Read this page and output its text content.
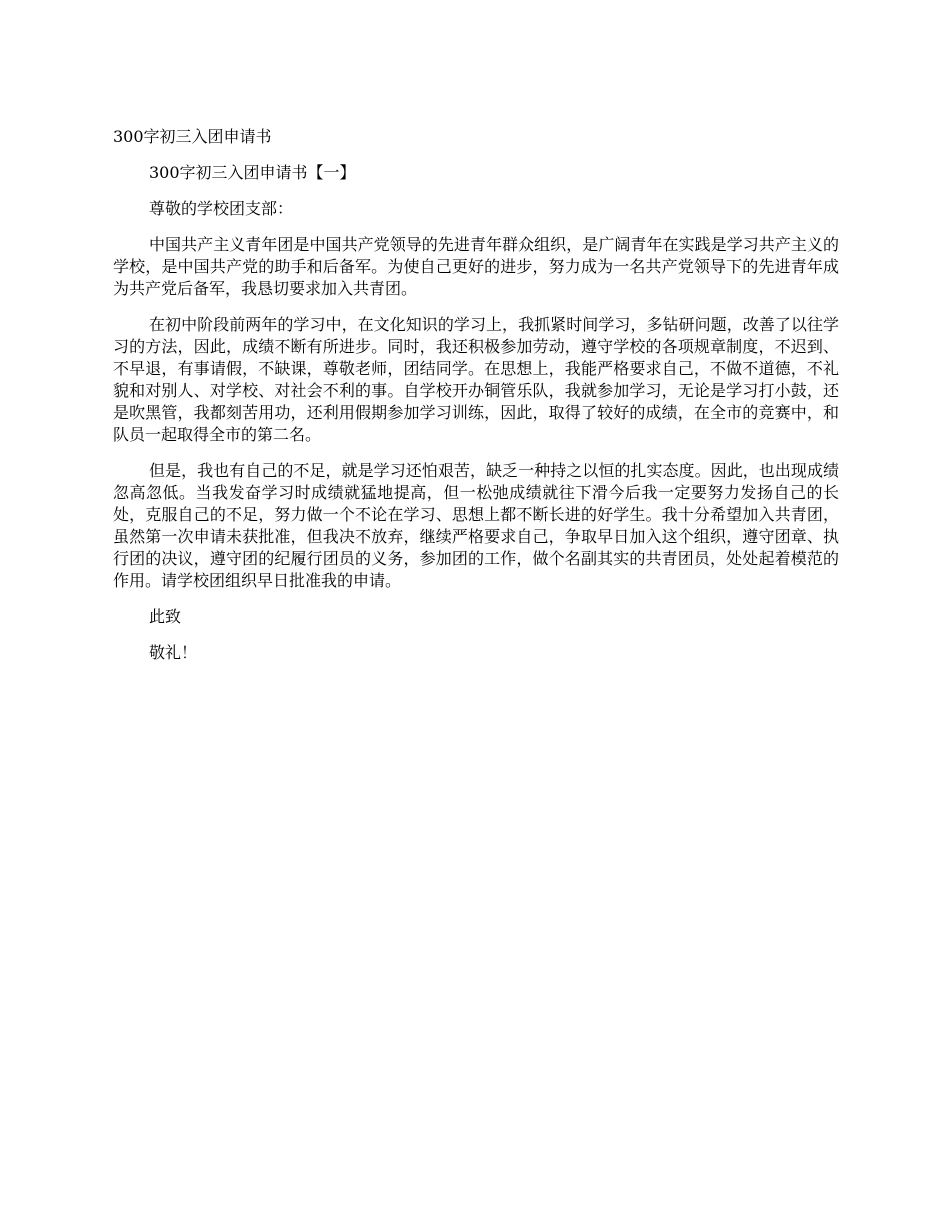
300字初三入团申请书

300字初三入团申请书【一】

尊敬的学校团支部：

中国共产主义青年团是中国共产党领导的先进青年群众组织，是广阔青年在实践是学习共产主义的学校，是中国共产党的助手和后备军。为使自己更好的进步，努力成为一名共产党领导下的先进青年成为共产党后备军，我恳切要求加入共青团。

在初中阶段前两年的学习中，在文化知识的学习上，我抓紧时间学习，多钻研问题，改善了以往学习的方法，因此，成绩不断有所进步。同时，我还积极参加劳动，遵守学校的各项规章制度，不迟到、不早退，有事请假，不缺课，尊敬老师，团结同学。在思想上，我能严格要求自己，不做不道德，不礼貌和对别人、对学校、对社会不利的事。自学校开办铜管乐队，我就参加学习，无论是学习打小鼓，还是吹黑管，我都刻苦用功，还利用假期参加学习训练，因此，取得了较好的成绩，在全市的竞赛中，和队员一起取得全市的第二名。

但是，我也有自己的不足，就是学习还怕艰苦，缺乏一种持之以恒的扎实态度。因此，也出现成绩忽高忽低。当我发奋学习时成绩就猛地提高，但一松弛成绩就往下滑今后我一定要努力发扬自己的长处，克服自己的不足，努力做一个不论在学习、思想上都不断长进的好学生。我十分希望加入共青团，虽然第一次申请未获批准，但我决不放弃，继续严格要求自己，争取早日加入这个组织，遵守团章、执行团的决议，遵守团的纪履行团员的义务，参加团的工作，做个名副其实的共青团员，处处起着模范的作用。请学校团组织早日批准我的申请。

此致

敬礼！
